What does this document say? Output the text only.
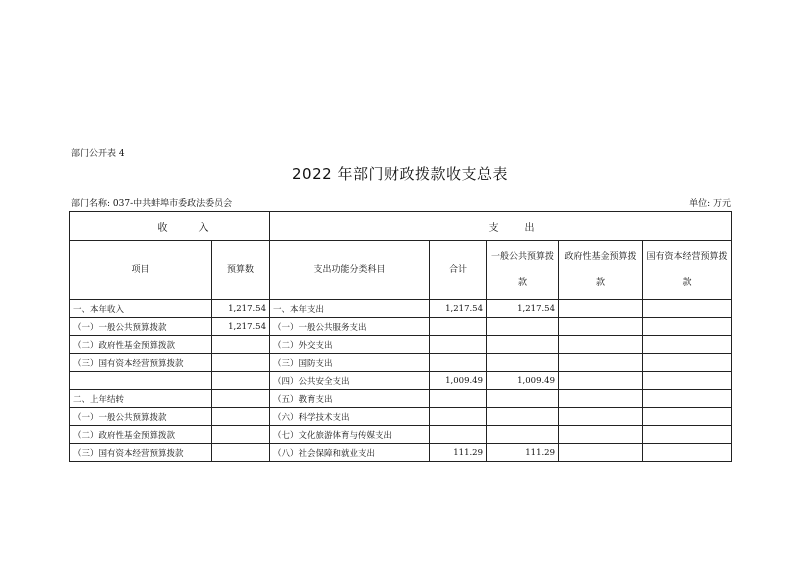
部门公开表 4
2022 年部门财政拨款收支总表
部门名称: 037-中共蚌埠市委政法委员会	单位: 万元
收 入		支 出				
项目	预算数	支出功能分类科目	合计	一般公共预算拨款	政府性基金预算拨款	国有资本经营预算拨款
一、本年收入	1,217.54	一、本年支出	1,217.54	1,217.54		
（一）一般公共预算拨款	1,217.54	（一）一般公共服务支出				
（二）政府性基金预算拨款		（二）外交支出				
（三）国有资本经营预算拨款		（三）国防支出				
		（四）公共安全支出	1,009.49	1,009.49		
二、上年结转		（五）教育支出				
（一）一般公共预算拨款		（六）科学技术支出				
（二）政府性基金预算拨款		（七）文化旅游体育与传媒支出				
（三）国有资本经营预算拨款		（八）社会保障和就业支出	111.29	111.29		
